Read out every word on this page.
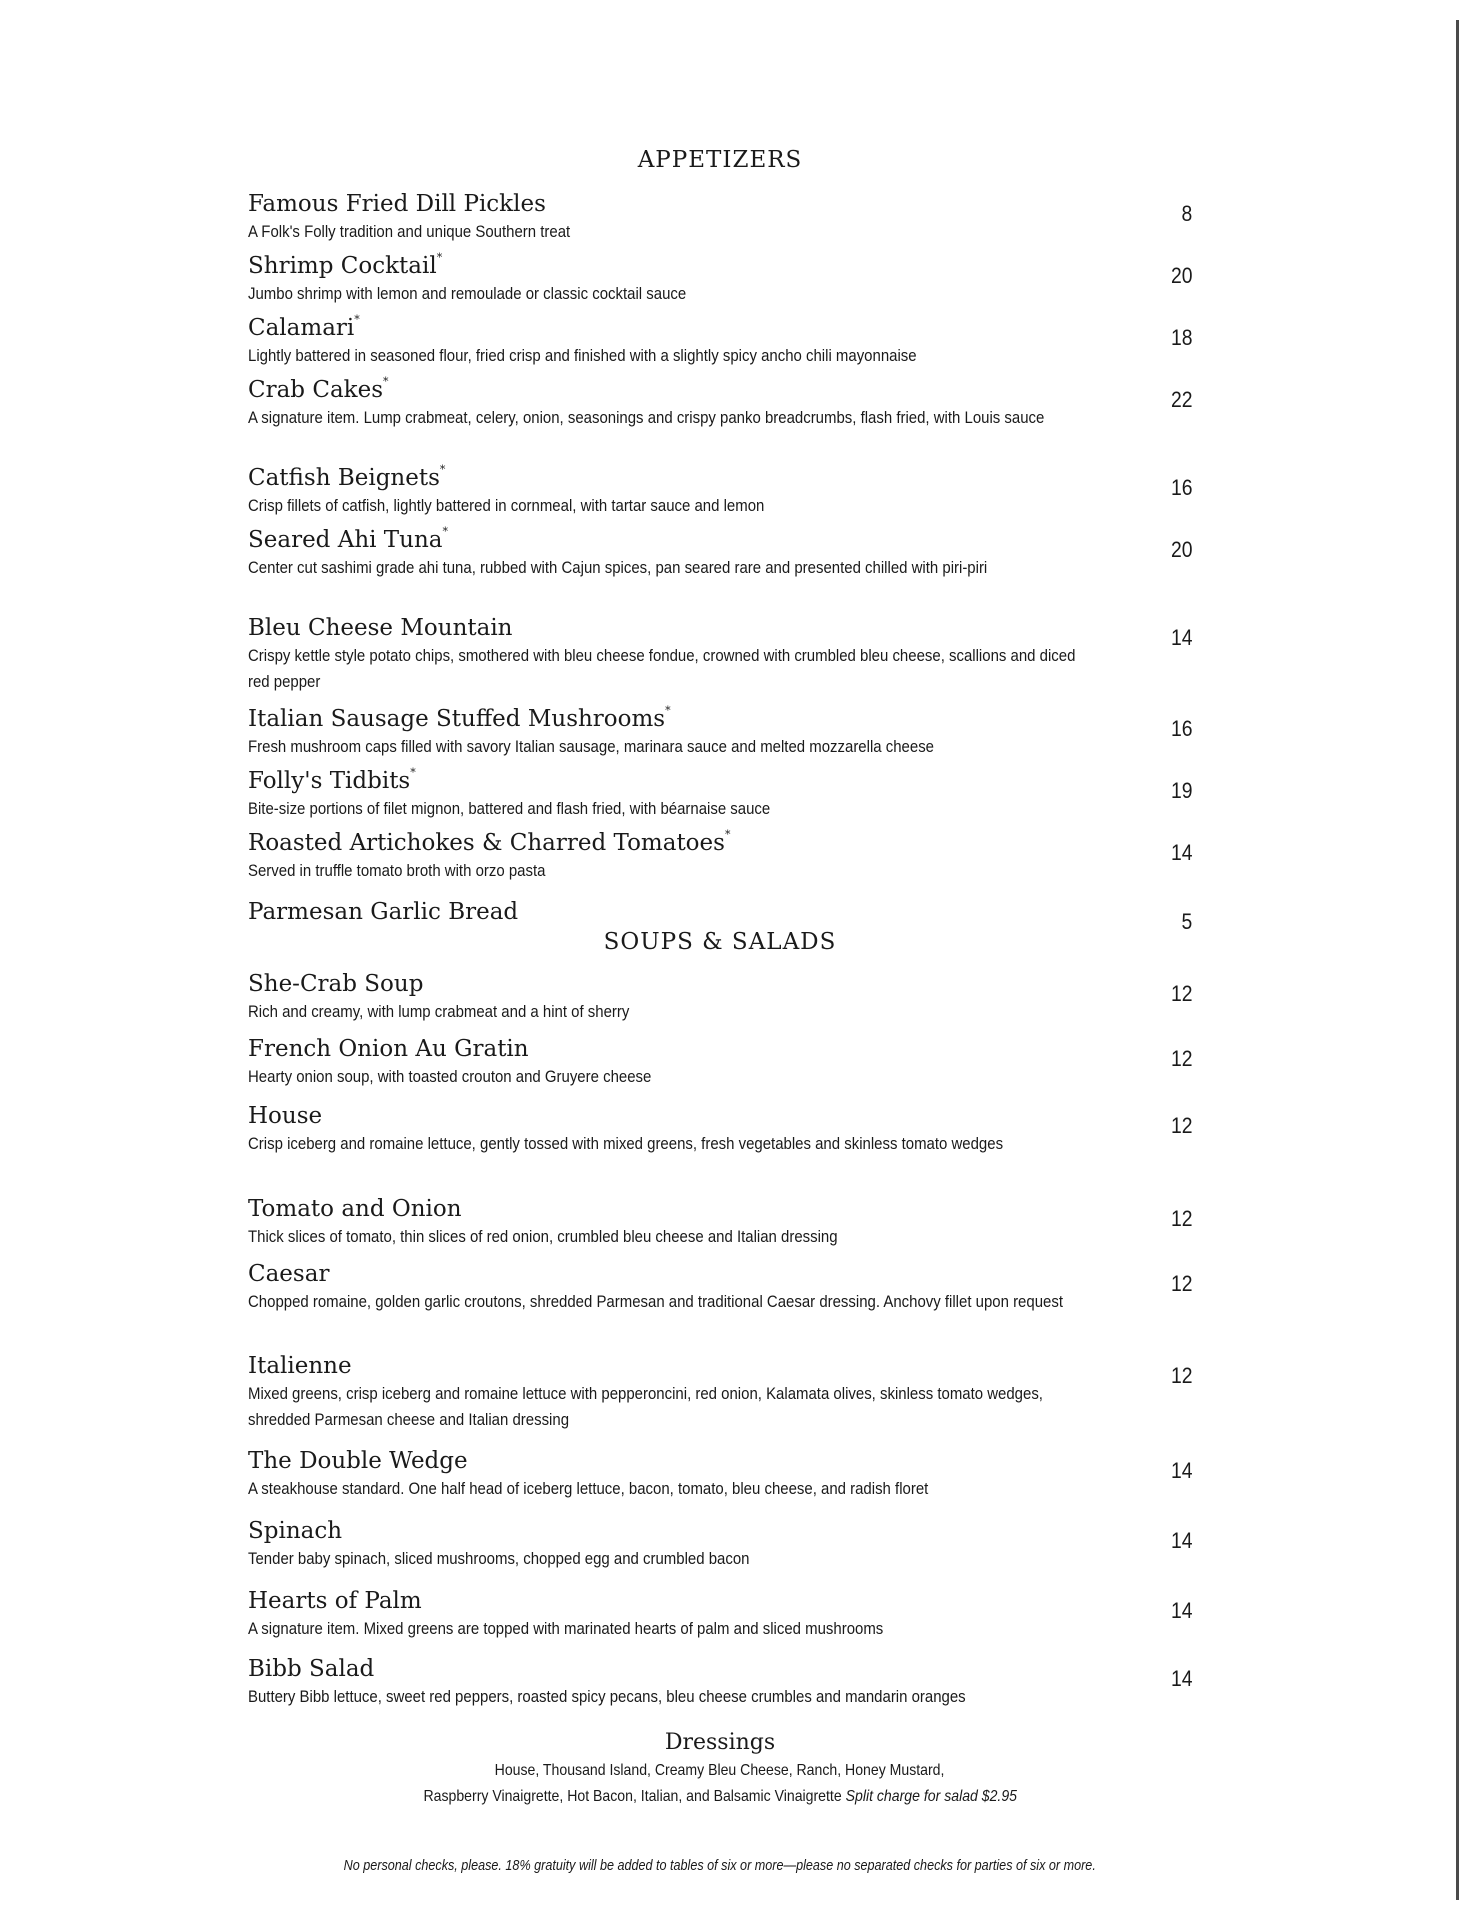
APPETIZERS
Famous Fried Dill Pickles
A Folk's Folly tradition and unique Southern treat
8
Shrimp Cocktail*
Jumbo shrimp with lemon and remoulade or classic cocktail sauce
20
Calamari*
Lightly battered in seasoned flour, fried crisp and finished with a slightly spicy ancho chili mayonnaise
18
Crab Cakes*
A signature item. Lump crabmeat, celery, onion, seasonings and crispy panko breadcrumbs, flash fried, with Louis sauce
22
Catfish Beignets*
Crisp fillets of catfish, lightly battered in cornmeal, with tartar sauce and lemon
16
Seared Ahi Tuna*
Center cut sashimi grade ahi tuna, rubbed with Cajun spices, pan seared rare and presented chilled with piri-piri
20
Bleu Cheese Mountain
Crispy kettle style potato chips, smothered with bleu cheese fondue, crowned with crumbled bleu cheese, scallions and diced red pepper
14
Italian Sausage Stuffed Mushrooms*
Fresh mushroom caps filled with savory Italian sausage, marinara sauce and melted mozzarella cheese
16
Folly's Tidbits*
Bite-size portions of filet mignon, battered and flash fried, with béarnaise sauce
19
Roasted Artichokes & Charred Tomatoes*
Served in truffle tomato broth with orzo pasta
14
Parmesan Garlic Bread	5
SOUPS & SALADS
She-Crab Soup
Rich and creamy, with lump crabmeat and a hint of sherry
12
French Onion Au Gratin
Hearty onion soup, with toasted crouton and Gruyere cheese
12
House
Crisp iceberg and romaine lettuce, gently tossed with mixed greens, fresh vegetables and skinless tomato wedges
12
Tomato and Onion
Thick slices of tomato, thin slices of red onion, crumbled bleu cheese and Italian dressing
12
Caesar
Chopped romaine, golden garlic croutons, shredded Parmesan and traditional Caesar dressing. Anchovy fillet upon request
12
Italienne
Mixed greens, crisp iceberg and romaine lettuce with pepperoncini, red onion, Kalamata olives, skinless tomato wedges, shredded Parmesan cheese and Italian dressing
12
The Double Wedge
A steakhouse standard. One half head of iceberg lettuce, bacon, tomato, bleu cheese, and radish floret
14
Spinach
Tender baby spinach, sliced mushrooms, chopped egg and crumbled bacon
14
Hearts of Palm
A signature item. Mixed greens are topped with marinated hearts of palm and sliced mushrooms
14
Bibb Salad
Buttery Bibb lettuce, sweet red peppers, roasted spicy pecans, bleu cheese crumbles and mandarin oranges
14
Dressings
House, Thousand Island, Creamy Bleu Cheese, Ranch, Honey Mustard,
Raspberry Vinaigrette, Hot Bacon, Italian, and Balsamic Vinaigrette Split charge for salad $2.95
No personal checks, please. 18% gratuity will be added to tables of six or more—please no separated checks for parties of six or more.
